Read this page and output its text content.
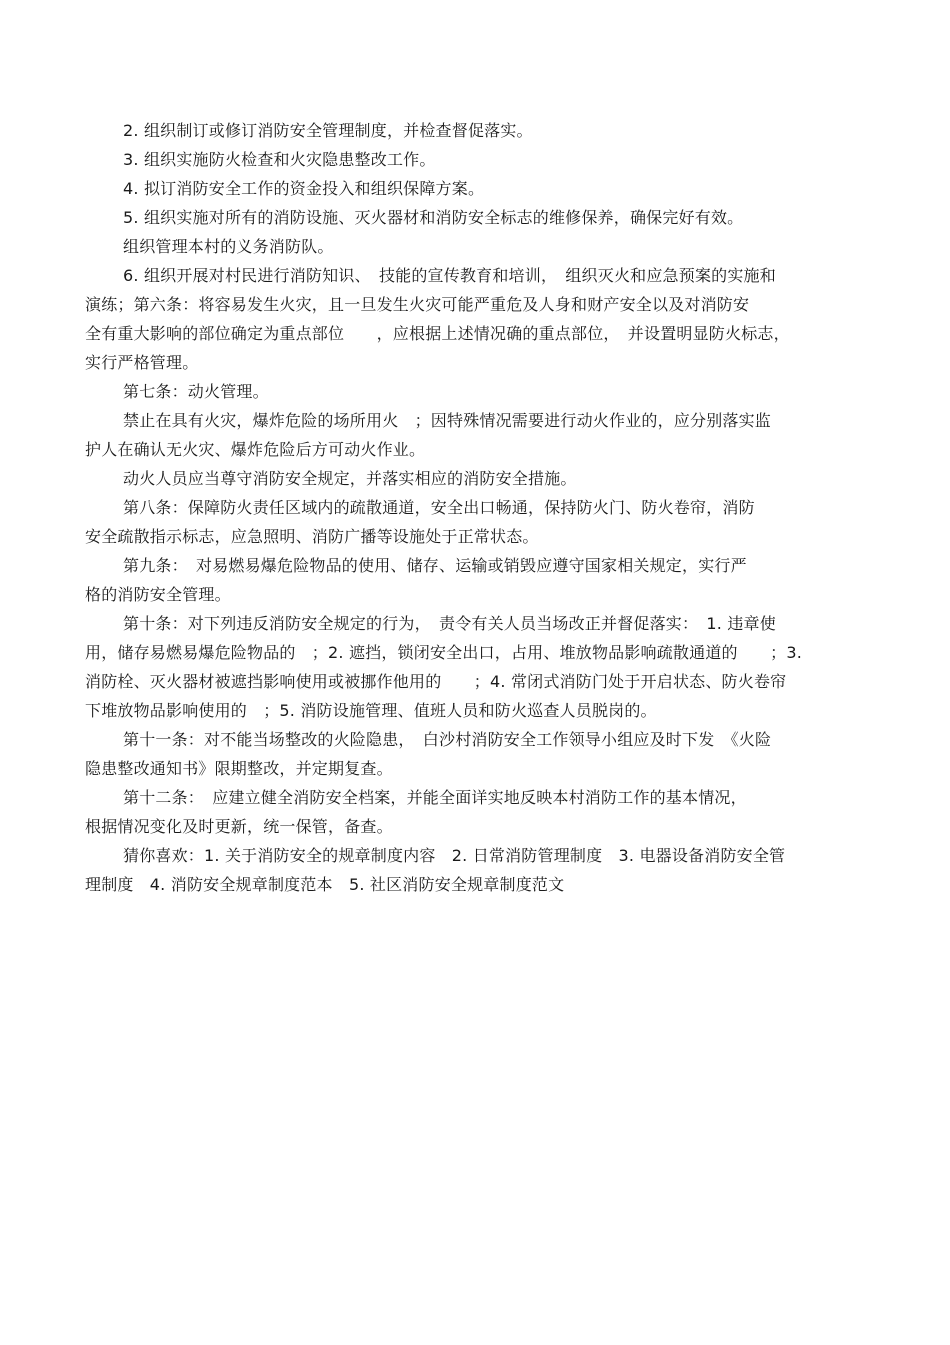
2. 组织制订或修订消防安全管理制度，并检查督促落实。
3. 组织实施防火检查和火灾隐患整改工作。
4. 拟订消防安全工作的资金投入和组织保障方案。
5. 组织实施对所有的消防设施、灭火器材和消防安全标志的维修保养，确保完好有效。
组织管理本村的义务消防队。
6. 组织开展对村民进行消防知识、　技能的宣传教育和培训，　组织灭火和应急预案的实施和
演练；第六条：将容易发生火灾，且一旦发生火灾可能严重危及人身和财产安全以及对消防安
全有重大影响的部位确定为重点部位　　，应根据上述情况确的重点部位，　并设置明显防火标志，
实行严格管理。
第七条：动火管理。
禁止在具有火灾，爆炸危险的场所用火　；因特殊情况需要进行动火作业的，应分别落实监
护人在确认无火灾、爆炸危险后方可动火作业。
动火人员应当尊守消防安全规定，并落实相应的消防安全措施。
第八条：保障防火责任区域内的疏散通道，安全出口畅通，保持防火门、防火卷帘，消防
安全疏散指示标志，应急照明、消防广播等设施处于正常状态。
第九条：　对易燃易爆危险物品的使用、储存、运输或销毁应遵守国家相关规定，实行严
格的消防安全管理。
第十条：对下列违反消防安全规定的行为，　责令有关人员当场改正并督促落实：　1. 违章使
用，储存易燃易爆危险物品的　；2. 遮挡，锁闭安全出口，占用、堆放物品影响疏散通道的　　；3.
消防栓、灭火器材被遮挡影响使用或被挪作他用的　　；4. 常闭式消防门处于开启状态、防火卷帘
下堆放物品影响使用的　；5. 消防设施管理、值班人员和防火巡查人员脱岗的。
第十一条：对不能当场整改的火险隐患，　白沙村消防安全工作领导小组应及时下发　《火险
隐患整改通知书》限期整改，并定期复查。
第十二条：　应建立健全消防安全档案，并能全面详实地反映本村消防工作的基本情况，
根据情况变化及时更新，统一保管，备查。
猜你喜欢：1. 关于消防安全的规章制度内容　2. 日常消防管理制度　3. 电器设备消防安全管
理制度　4. 消防安全规章制度范本　5. 社区消防安全规章制度范文
